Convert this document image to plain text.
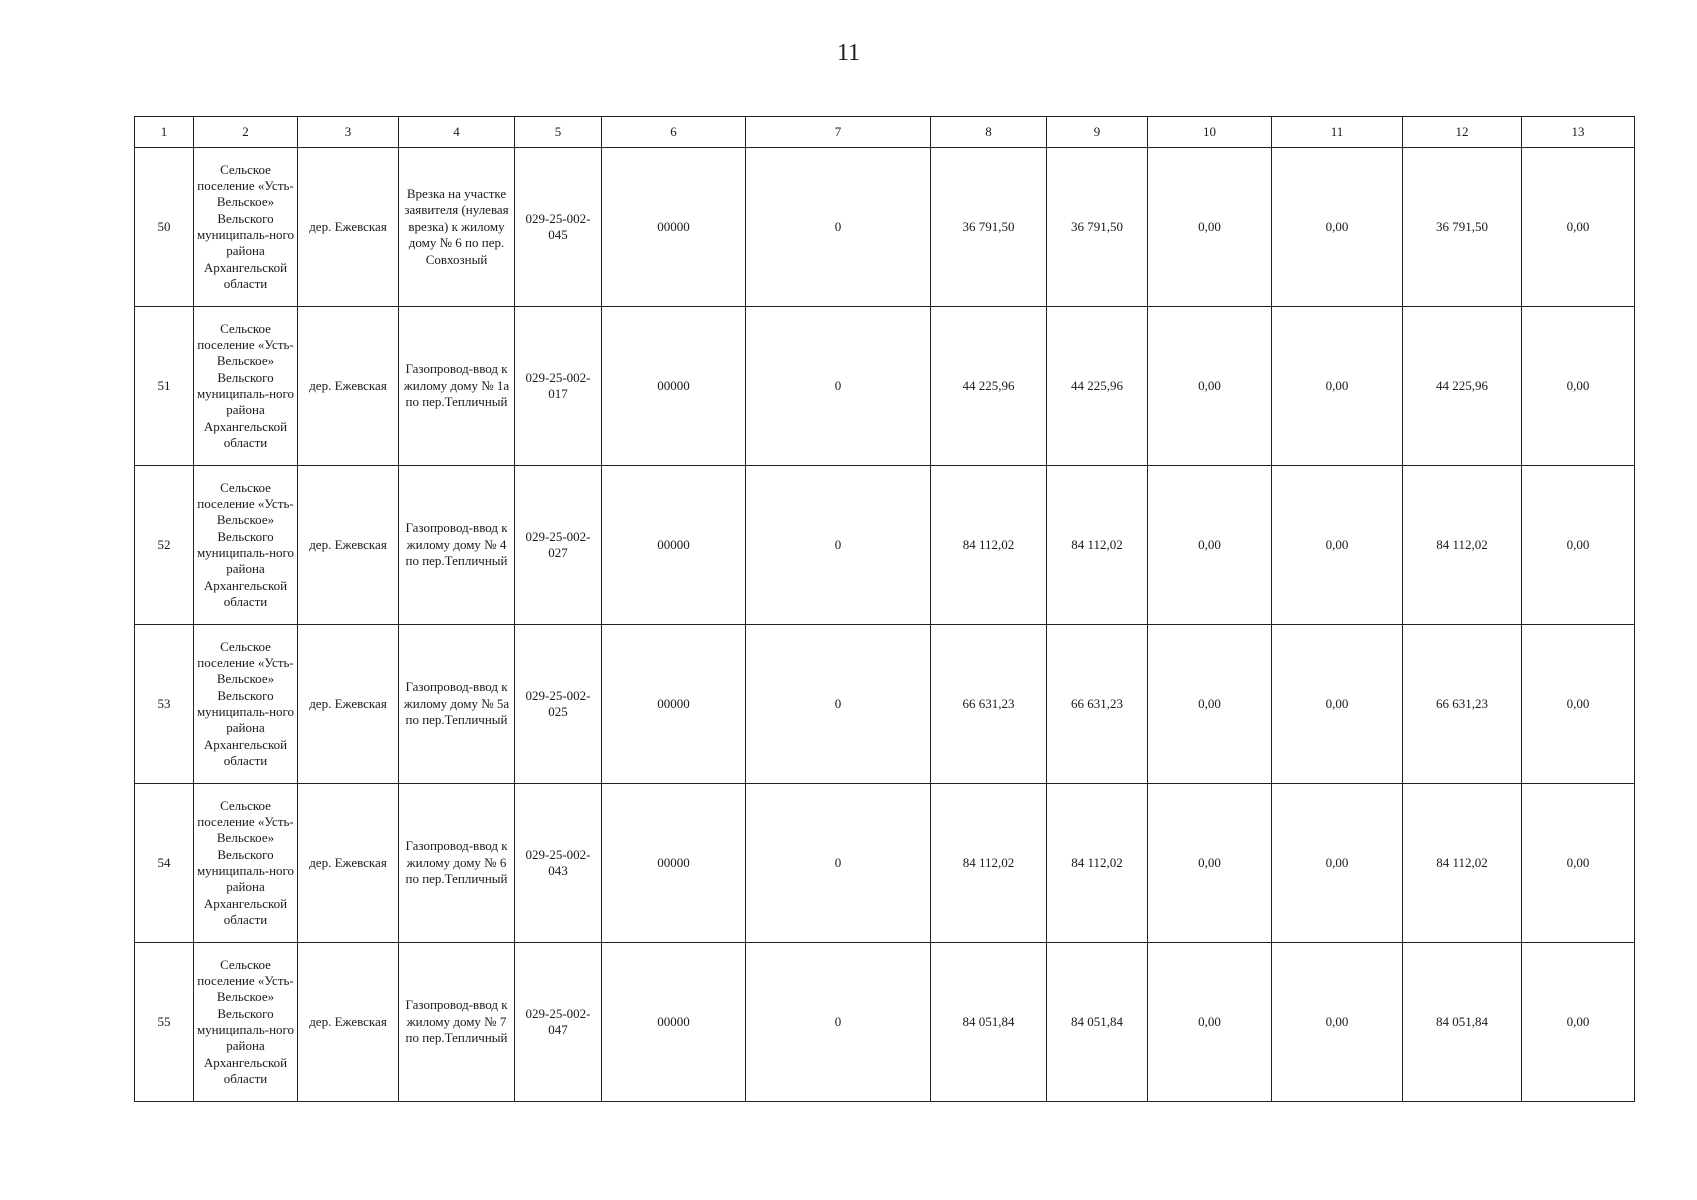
11
1	2	3	4	5	6	7	8	9	10	11	12	13
50	Сельское поселение «Усть-Вельское» Вельского муниципаль-ного района Архангельской области	дер. Ежевская	Врезка на участке заявителя (нулевая врезка) к жилому дому № 6 по пер. Совхозный	029-25-002-045	00000	0	36 791,50	36 791,50	0,00	0,00	36 791,50	0,00
51	Сельское поселение «Усть-Вельское» Вельского муниципаль-ного района Архангельской области	дер. Ежевская	Газопровод-ввод к жилому дому № 1а по пер.Тепличный	029-25-002-017	00000	0	44 225,96	44 225,96	0,00	0,00	44 225,96	0,00
52	Сельское поселение «Усть-Вельское» Вельского муниципаль-ного района Архангельской области	дер. Ежевская	Газопровод-ввод к жилому дому № 4 по пер.Тепличный	029-25-002-027	00000	0	84 112,02	84 112,02	0,00	0,00	84 112,02	0,00
53	Сельское поселение «Усть-Вельское» Вельского муниципаль-ного района Архангельской области	дер. Ежевская	Газопровод-ввод к жилому дому № 5а по пер.Тепличный	029-25-002-025	00000	0	66 631,23	66 631,23	0,00	0,00	66 631,23	0,00
54	Сельское поселение «Усть-Вельское» Вельского муниципаль-ного района Архангельской области	дер. Ежевская	Газопровод-ввод к жилому дому № 6 по пер.Тепличный	029-25-002-043	00000	0	84 112,02	84 112,02	0,00	0,00	84 112,02	0,00
55	Сельское поселение «Усть-Вельское» Вельского муниципаль-ного района Архангельской области	дер. Ежевская	Газопровод-ввод к жилому дому № 7 по пер.Тепличный	029-25-002-047	00000	0	84 051,84	84 051,84	0,00	0,00	84 051,84	0,00
